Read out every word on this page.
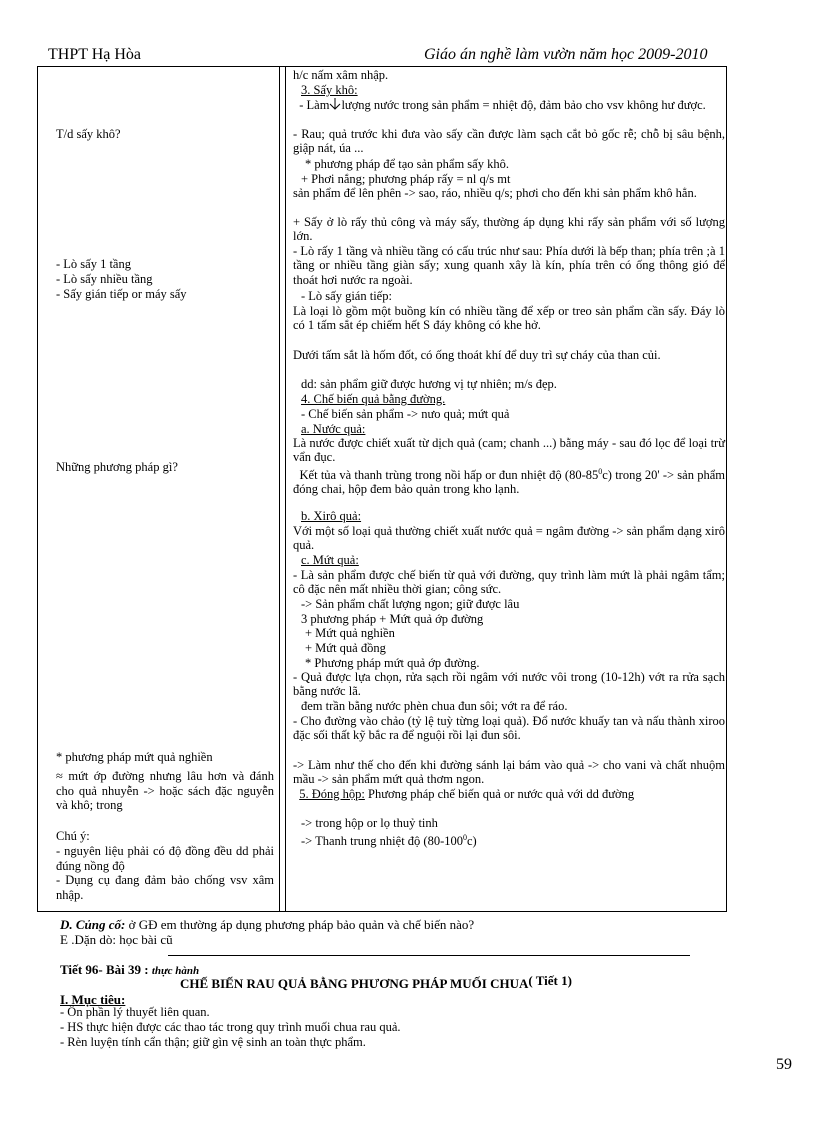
THPT Hạ Hòa	Giáo án nghề làm vườn năm học 2009-2010
T/d sấy khô?
- Lò sấy 1 tầng
- Lò sấy nhiều tầng
- Sấy gián tiếp or máy sấy
Những phương pháp gì?
* phương pháp mứt quả nghiền
≈ mứt ớp đường nhưng lâu hơn và đánh cho quả nhuyễn -> hoặc sách đặc nguyễn và khô; trong
Chú ý:
- nguyên liệu phải có độ đồng đều dd phải đúng nồng độ
- Dụng cụ đang đảm bảo chống vsv xâm nhập.
h/c nấm xâm nhập.
3. Sấy khô:
- Làm lượng nước trong sản phẩm = nhiệt độ, đảm bảo cho vsv không hư được.
- Rau; quả trước khi đưa vào sấy cần được làm sạch cắt bỏ gốc rễ; chỗ bị sâu bệnh, giập nát, úa ...
* phương pháp để tạo sản phẩm sấy khô.
+ Phơi nắng; phương pháp rấy = nl q/s mt
sản phẩm để lên phên -> sao, ráo, nhiều q/s; phơi cho đến khi sản phẩm khô hẳn.
+ Sấy ở lò rấy thủ công và máy sấy, thường áp dụng khi rấy sản phẩm với số lượng lớn.
- Lò rấy 1 tầng và nhiều tầng có cấu trúc như sau: Phía dưới là bếp than; phía trên ;à 1 tầng or nhiều tầng giàn sấy; xung quanh xây là kín, phía trên có ống thông gió để thoát hơi nước ra ngoài.
- Lò sấy gián tiếp:
Là loại lò gồm một buồng kín có nhiều tầng để xếp or treo sản phẩm cần sấy. Đáy lò có 1 tấm sắt ép chiếm hết S đáy không có khe hở.
Dưới tấm sắt là hốm đốt, có ống thoát khí để duy trì sự cháy của than củi.
dd: sản phẩm giữ được hương vị tự nhiên; m/s đẹp.
4. Chế biến quả bằng đường.
- Chế biến sản phẩm -> nưo quả; mứt quả
a. Nước quả:
Là nước được chiết xuất từ dịch quả (cam; chanh ...) bằng máy - sau đó lọc để loại trừ vẩn đục.
Kết tủa và thanh trùng trong nồi hấp or đun nhiệt độ $(80-85^0c)$ trong 20' -> sản phẩm đóng chai, hộp đem bảo quản trong kho lạnh.
b. Xirô quả:
Với một số loại quả thường chiết xuất nước quả = ngâm đường -> sản phẩm dạng xirô quả.
c. Mứt quả:
- Là sản phẩm được chế biến từ quả với đường, quy trình làm mứt là phải ngâm tẩm; cô đặc nên mất nhiều thời gian; công sức.
-> Sản phẩm chất lượng ngon; giữ được lâu
3 phương pháp + Mứt quả ớp đường
+ Mứt quả nghiền
+ Mứt quả đồng
* Phương pháp mứt quả ớp đường.
- Quả được lựa chọn, rửa sạch rồi ngâm với nước vôi trong (10-12h) vớt ra rửa sạch bằng nước lã.
đem trần bằng nước phèn chua đun sôi; vớt ra để ráo.
- Cho đường vào chảo (tỷ lệ tuỳ từng loại quả). Đổ nước khuấy tan và nấu thành xiroo đặc sối thất kỹ bắc ra để nguội rồi lại đun sôi.
-> Làm như thế cho đến khi đường sánh lại bám vào quả -> cho vani và chất nhuộm mầu -> sản phẩm mứt quả thơm ngon.
5. Đóng hộp: Phương pháp chế biến quả or nước quả với dd đường
-> trong hộp or lọ thuỷ tinh
-> Thanh trung nhiệt độ $(80-100^0c)$
D. Củng cố: ở GĐ em thường áp dụng phương pháp bảo quản và chế biến nào?
E .Dặn dò: học bài cũ
Tiết 96- Bài 39 : thực hành
CHẾ BIẾN RAU QUẢ BẰNG PHƯƠNG PHÁP MUỐI CHUA( Tiết 1)
I. Mục tiêu:
- Ôn phần lý thuyết liên quan.
- HS thực hiện được các thao tác trong quy trình muối chua rau quả.
- Rèn luyện tính cẩn thận; giữ gìn vệ sinh an toàn thực phẩm.
59
